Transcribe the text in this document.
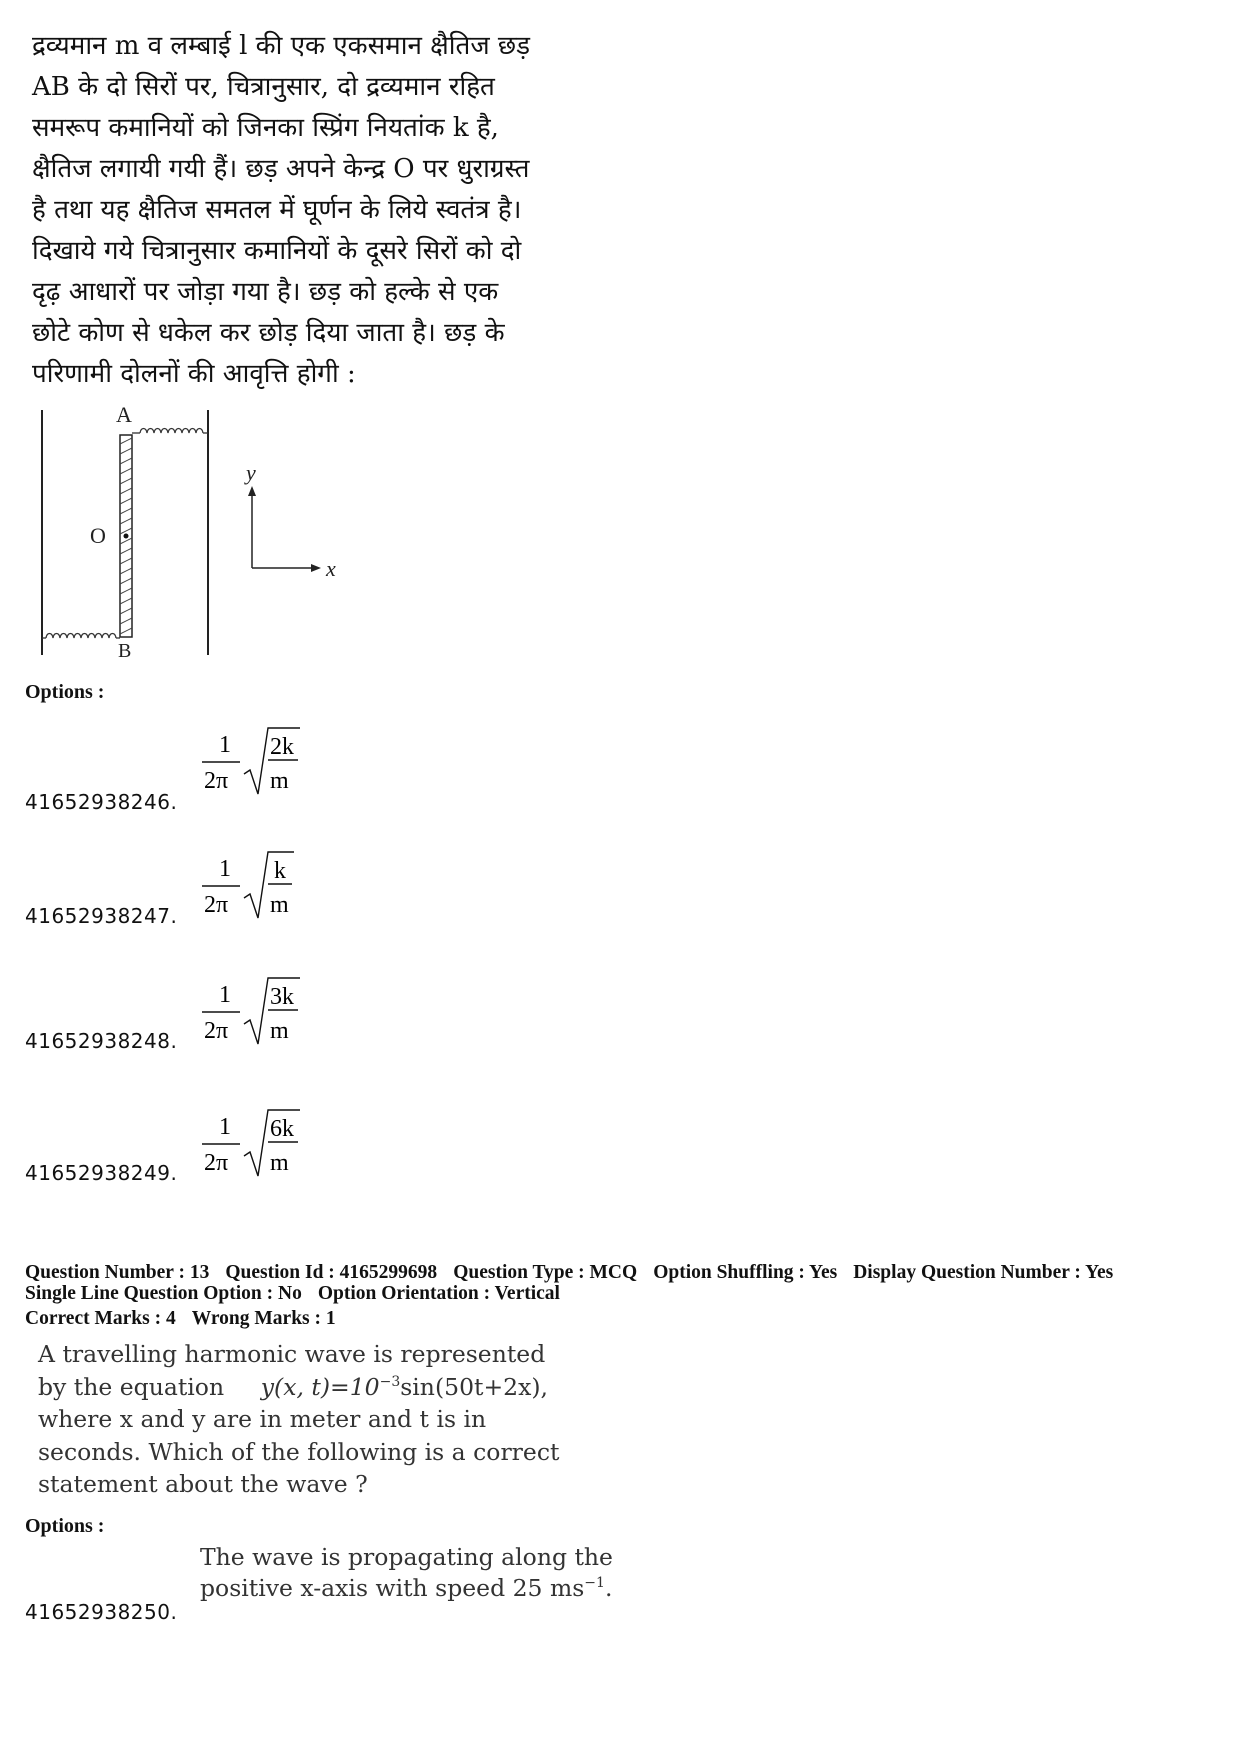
द्रव्यमान m व लम्बाई l की एक एकसमान क्षैतिज छड़
AB के दो सिरों पर, चित्रानुसार, दो द्रव्यमान रहित
समरूप कमानियों को जिनका स्प्रिंग नियतांक k है,
क्षैतिज लगायी गयी हैं। छड़ अपने केन्द्र O पर धुराग्रस्त
है तथा यह क्षैतिज समतल में घूर्णन के लिये स्वतंत्र है।
दिखाये गये चित्रानुसार कमानियों के दूसरे सिरों को दो
दृढ़ आधारों पर जोड़ा गया है। छड़ को हल्के से एक
छोटे कोण से धकेल कर छोड़ दिया जाता है। छड़ के
परिणामी दोलनों की आवृत्ति होगी :
A
B
O
y
x
Options :
41652938246.
1
2π
2k
m
41652938247.
1
2π
k
m
41652938248.
1
2π
3k
m
41652938249.
1
2π
6k
m
Question Number : 13 Question Id : 4165299698 Question Type : MCQ Option Shuffling : Yes Display Question Number : Yes
Single Line Question Option : No Option Orientation : Vertical
Correct Marks : 4 Wrong Marks : 1
A travelling harmonic wave is represented
by the equation y(x, $t)=10^{-3}\sin(50t+2x)$,
where x and y are in meter and t is in
seconds. Which of the following is a correct
statement about the wave ?
Options :
41652938250.
The wave is propagating along the
positive x-axis with speed 25 $ms^{-1}$.
